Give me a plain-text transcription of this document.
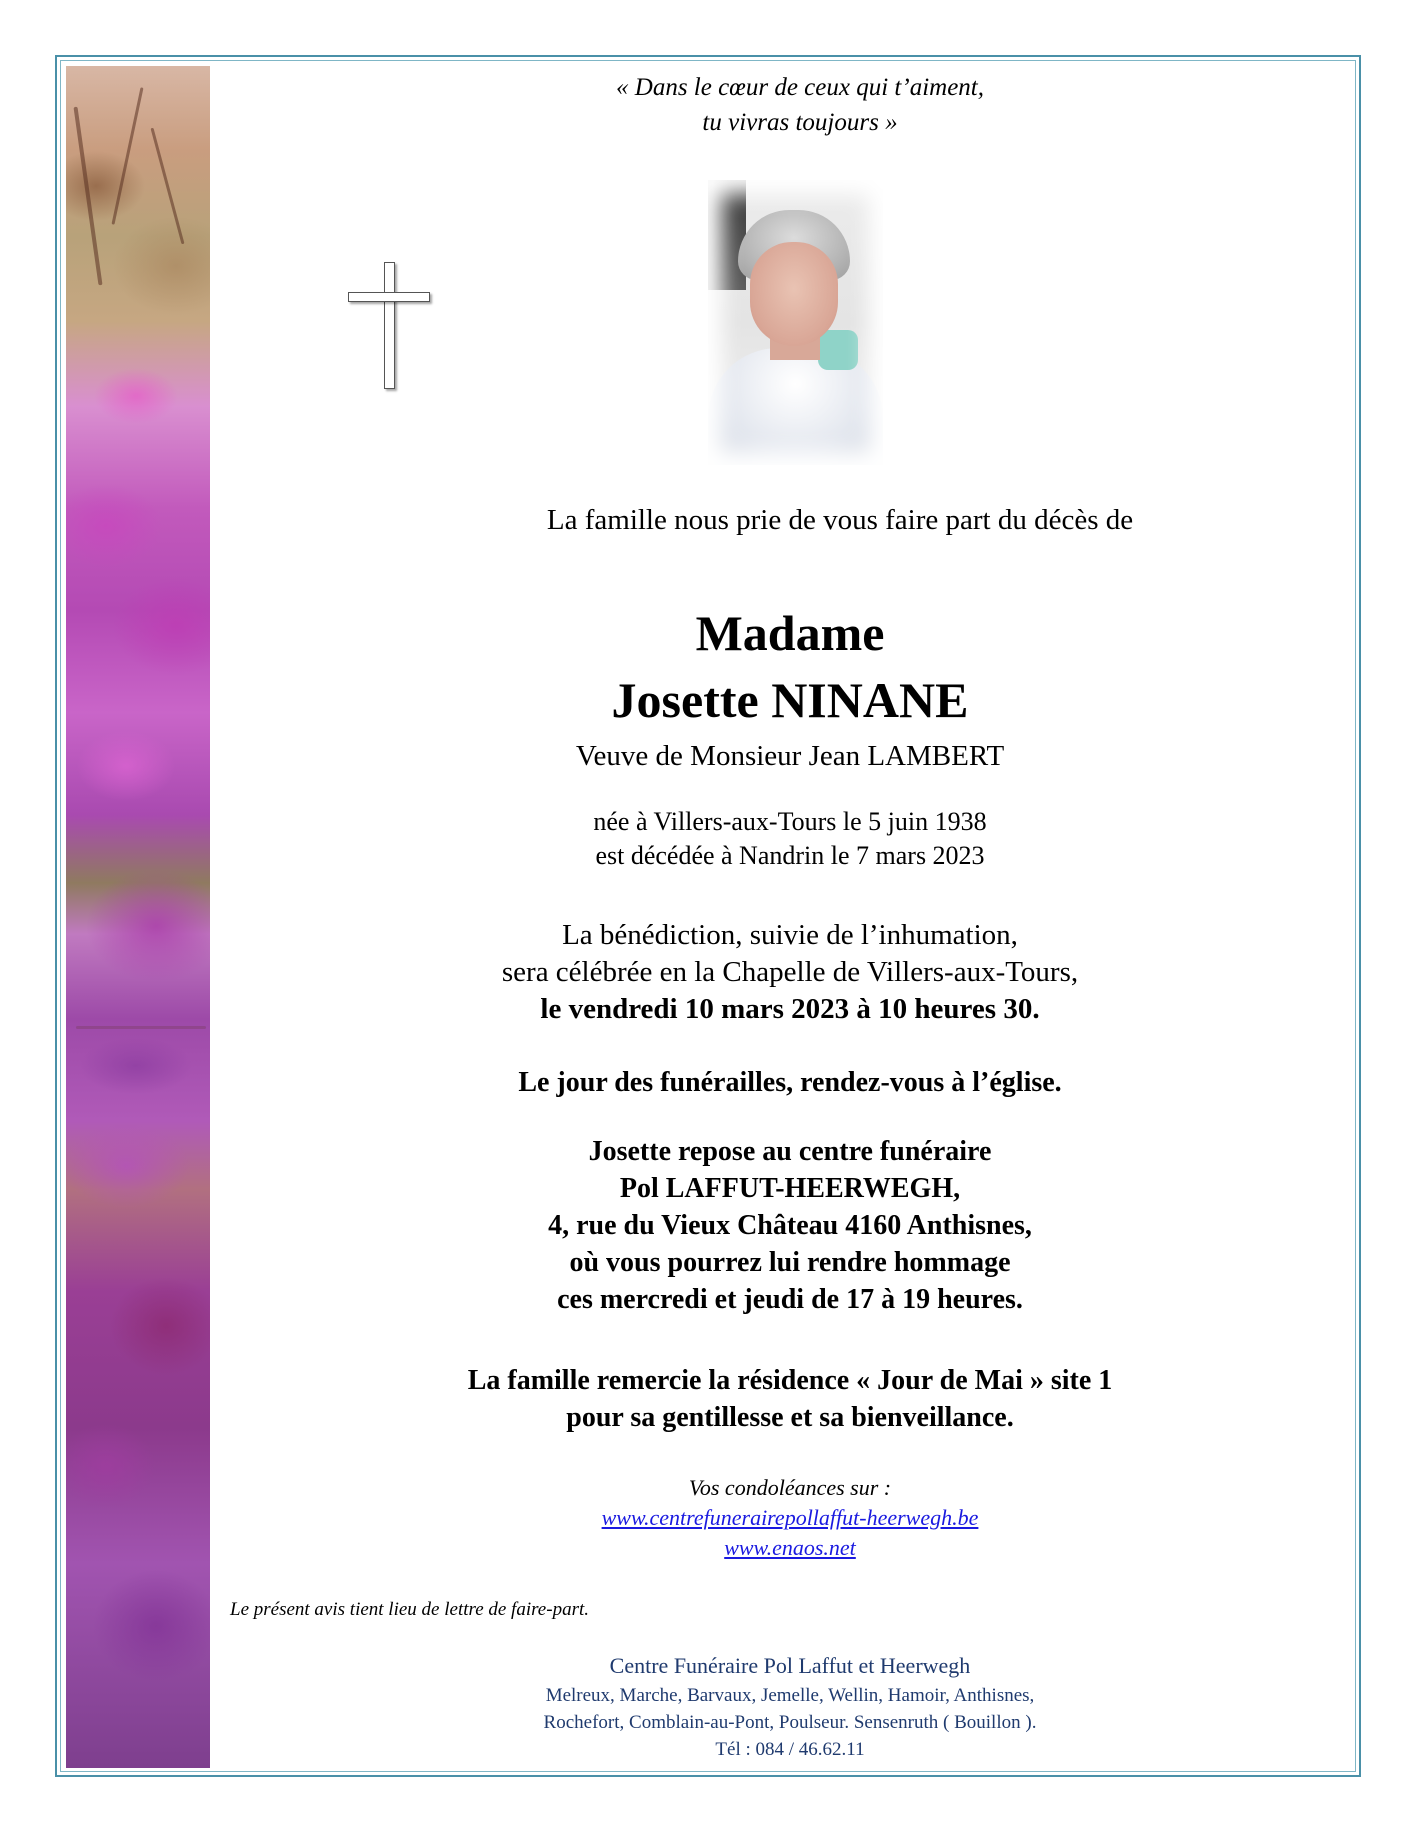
« Dans le cœur de ceux qui t’aiment,
tu vivras toujours »
La famille nous prie de vous faire part du décès de
Madame
Josette NINANE
Veuve de Monsieur Jean LAMBERT
née à Villers-aux-Tours le 5 juin 1938
est décédée à Nandrin le 7 mars 2023
La bénédiction, suivie de l’inhumation,
sera célébrée en la Chapelle de Villers-aux-Tours,
le vendredi 10 mars 2023 à 10 heures 30.
Le jour des funérailles, rendez-vous à l’église.
Josette repose au centre funéraire
Pol LAFFUT-HEERWEGH,
4, rue du Vieux Château 4160 Anthisnes,
où vous pourrez lui rendre hommage
ces mercredi et jeudi de 17 à 19 heures.
La famille remercie la résidence « Jour de Mai » site 1
pour sa gentillesse et sa bienveillance.
Vos condoléances sur :
www.centrefunerairepollaffut-heerwegh.be
www.enaos.net
Le présent avis tient lieu de lettre de faire-part.
Centre Funéraire Pol Laffut et Heerwegh
Melreux, Marche, Barvaux, Jemelle, Wellin, Hamoir, Anthisnes,
Rochefort, Comblain-au-Pont, Poulseur. Sensenruth ( Bouillon ).
Tél : 084 / 46.62.11
